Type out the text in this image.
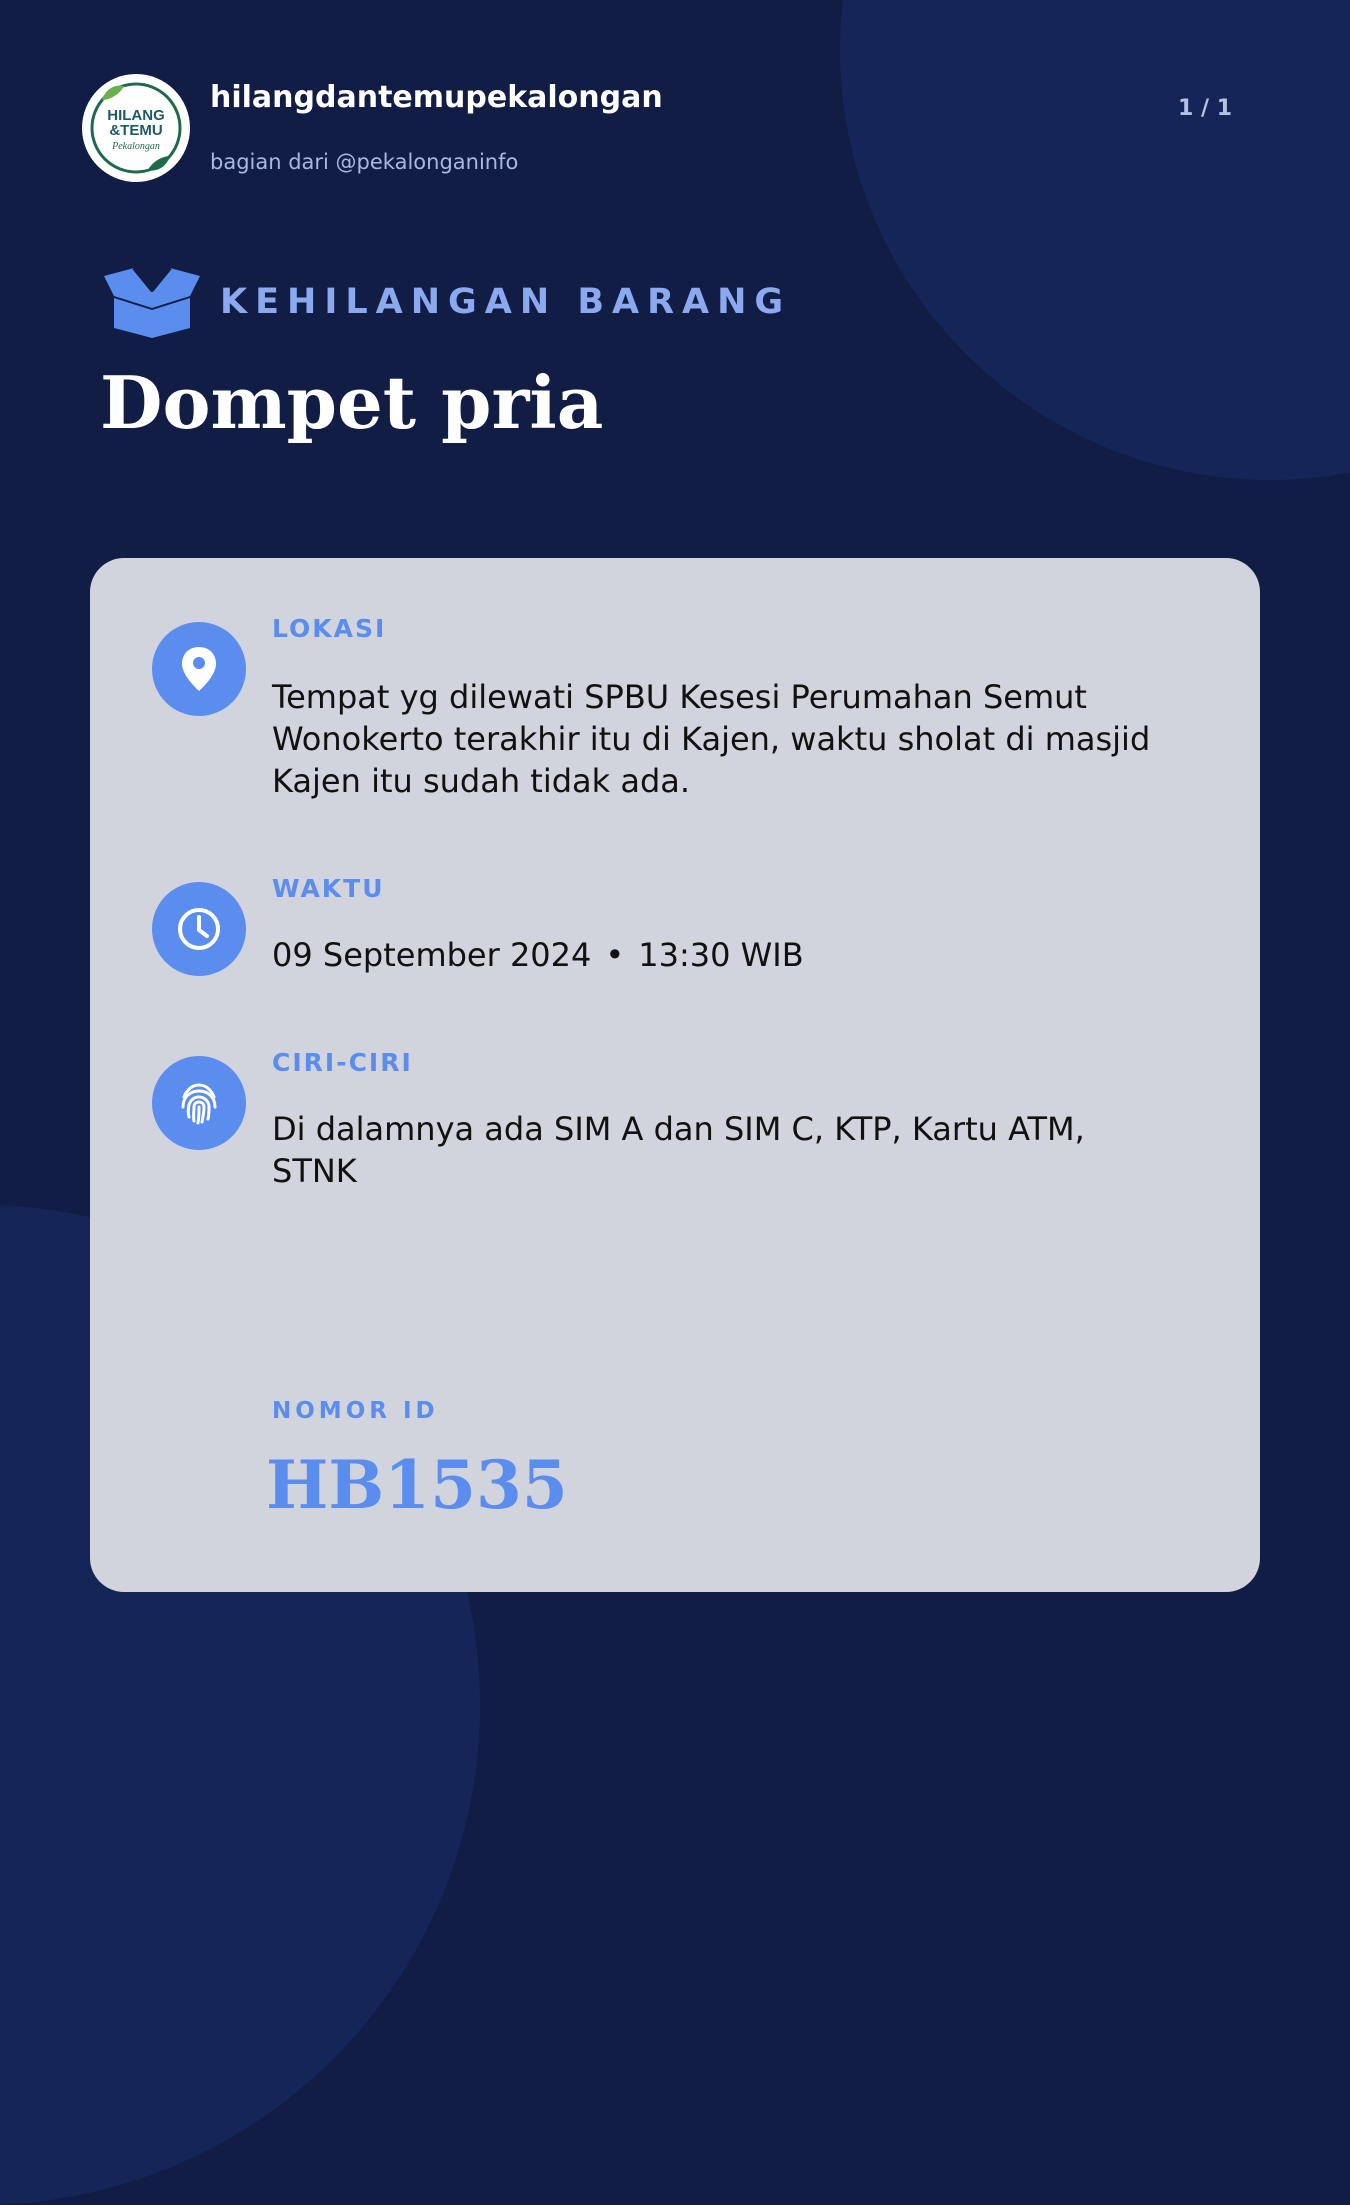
HILANG
&TEMU
Pekalongan
hilangdantemupekalongan
bagian dari @pekalonganinfo
1 / 1
KEHILANGAN BARANG
Dompet pria
LOKASI
Tempat yg dilewati SPBU Kesesi Perumahan Semut Wonokerto terakhir itu di Kajen, waktu sholat di masjid Kajen itu sudah tidak ada.
WAKTU
09 September 2024 • 13:30 WIB
CIRI-CIRI
Di dalamnya ada SIM A dan SIM C, KTP, Kartu ATM, STNK
NOMOR ID
HB1535
